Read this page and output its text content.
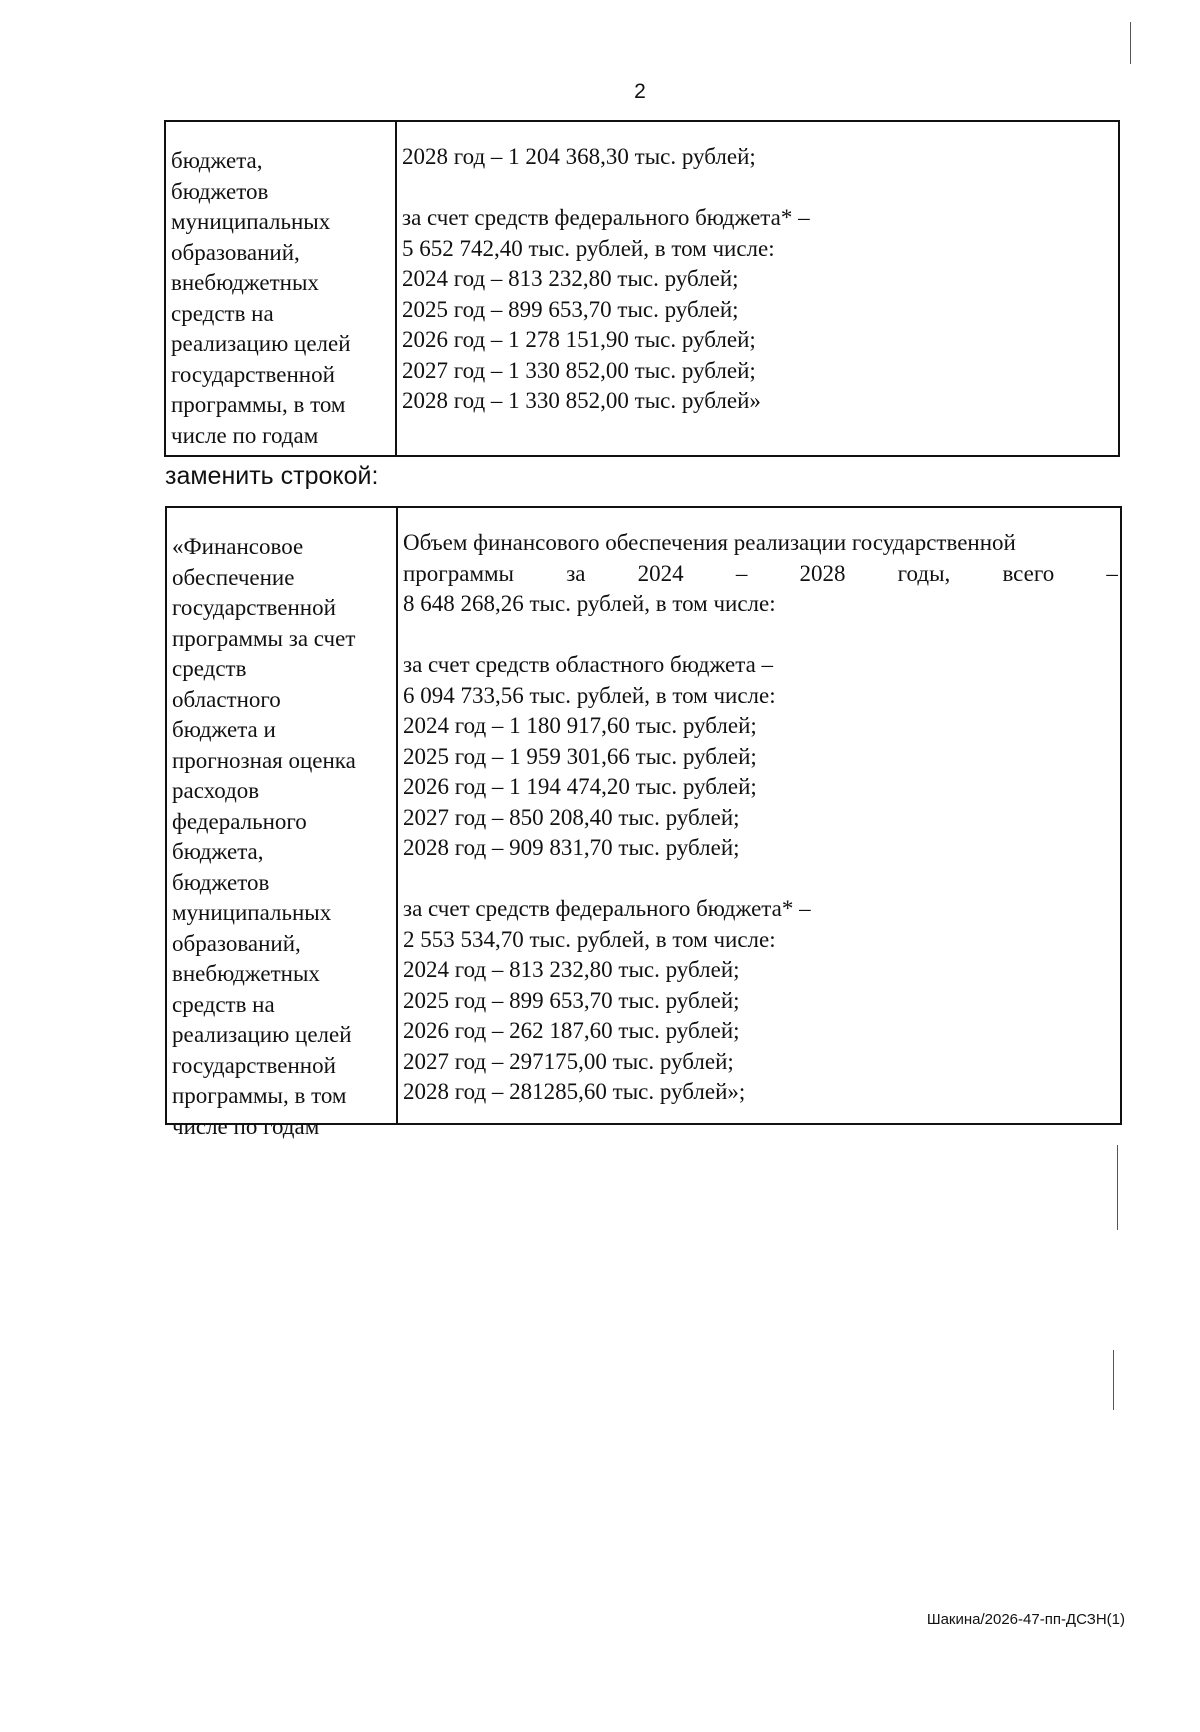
2
бюджета,
бюджетов
муниципальных
образований,
внебюджетных
средств на
реализацию целей
государственной
программы, в том
числе по годам
2028 год – 1 204 368,30 тыс. рублей;
за счет средств федерального бюджета* –
5 652 742,40 тыс. рублей, в том числе:
2024 год – 813 232,80 тыс. рублей;
2025 год – 899 653,70 тыс. рублей;
2026 год – 1 278 151,90 тыс. рублей;
2027 год – 1 330 852,00 тыс. рублей;
2028 год – 1 330 852,00 тыс. рублей»
заменить строкой:
«Финансовое
обеспечение
государственной
программы за счет
средств
областного
бюджета и
прогнозная оценка
расходов
федерального
бюджета,
бюджетов
муниципальных
образований,
внебюджетных
средств на
реализацию целей
государственной
программы, в том
числе по годам
Объем финансового обеспечения реализации государственной
программы за 2024 – 2028 годы, всего –
8 648 268,26 тыс. рублей, в том числе:
за счет средств областного бюджета –
6 094 733,56 тыс. рублей, в том числе:
2024 год – 1 180 917,60 тыс. рублей;
2025 год – 1 959 301,66 тыс. рублей;
2026 год – 1 194 474,20 тыс. рублей;
2027 год – 850 208,40 тыс. рублей;
2028 год – 909 831,70 тыс. рублей;
за счет средств федерального бюджета* –
2 553 534,70 тыс. рублей, в том числе:
2024 год – 813 232,80 тыс. рублей;
2025 год – 899 653,70 тыс. рублей;
2026 год – 262 187,60 тыс. рублей;
2027 год – 297175,00 тыс. рублей;
2028 год – 281285,60 тыс. рублей»;
Шакина/2026-47-пп-ДСЗН(1)
